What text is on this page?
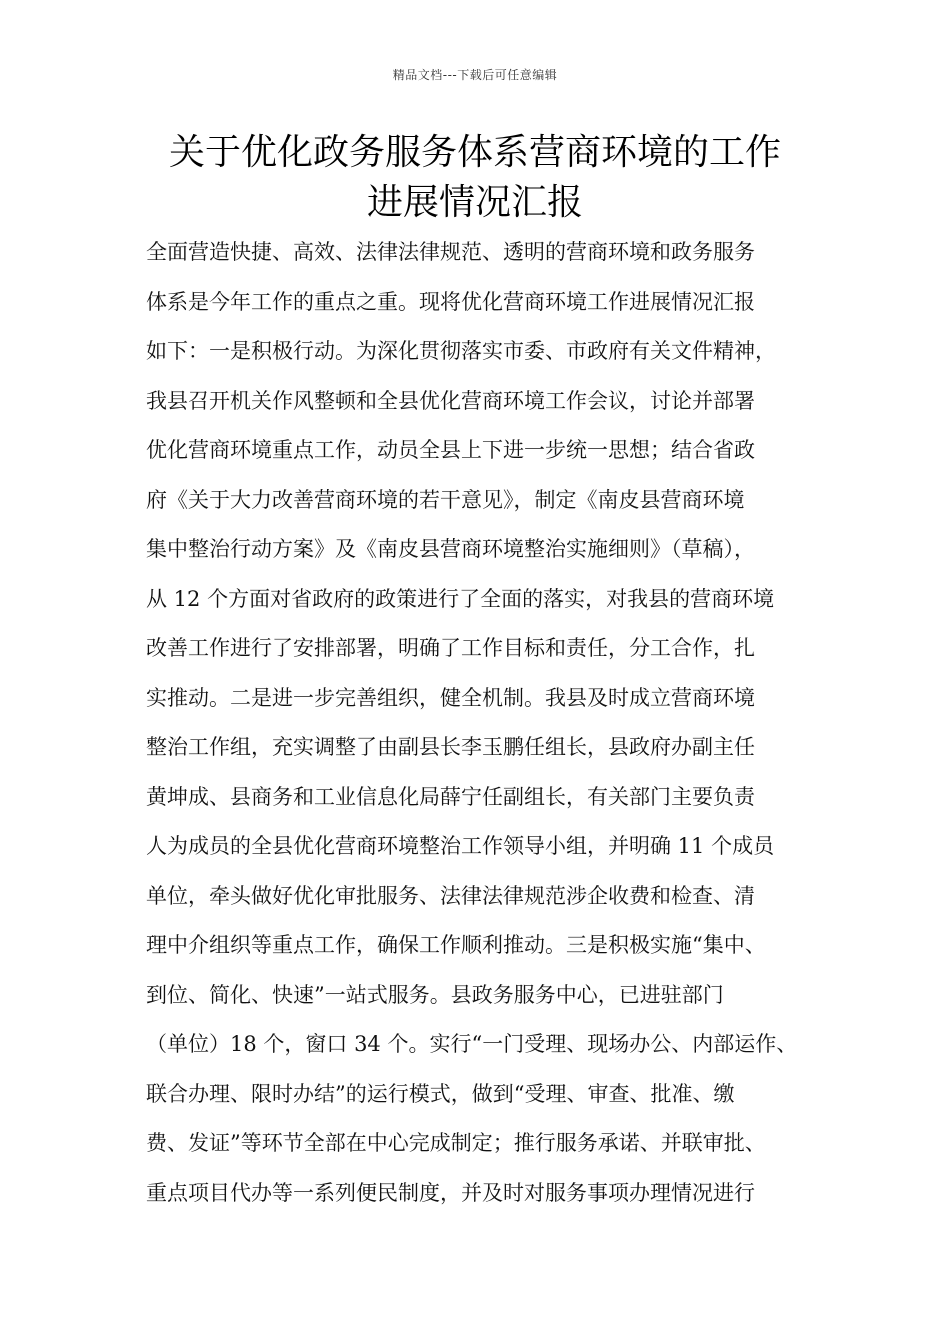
精品文档---下载后可任意编辑
关于优化政务服务体系营商环境的工作
进展情况汇报
全面营造快捷、高效、法律法律规范、透明的营商环境和政务服务
体系是今年工作的重点之重。现将优化营商环境工作进展情况汇报
如下：一是积极行动。为深化贯彻落实市委、市政府有关文件精神，
我县召开机关作风整顿和全县优化营商环境工作会议，讨论并部署
优化营商环境重点工作，动员全县上下进一步统一思想；结合省政
府《关于大力改善营商环境的若干意见》，制定《南皮县营商环境
集中整治行动方案》及《南皮县营商环境整治实施细则》（草稿），
从 12 个方面对省政府的政策进行了全面的落实，对我县的营商环境
改善工作进行了安排部署，明确了工作目标和责任，分工合作，扎
实推动。二是进一步完善组织，健全机制。我县及时成立营商环境
整治工作组，充实调整了由副县长李玉鹏任组长，县政府办副主任
黄坤成、县商务和工业信息化局薛宁任副组长，有关部门主要负责
人为成员的全县优化营商环境整治工作领导小组，并明确 11 个成员
单位，牵头做好优化审批服务、法律法律规范涉企收费和检查、清
理中介组织等重点工作，确保工作顺利推动。三是积极实施“集中、
到位、简化、快速”一站式服务。县政务服务中心，已进驻部门
（单位）18 个，窗口 34 个。实行“一门受理、现场办公、内部运作、
联合办理、限时办结”的运行模式，做到“受理、审查、批准、缴
费、发证”等环节全部在中心完成制定；推行服务承诺、并联审批、
重点项目代办等一系列便民制度，并及时对服务事项办理情况进行
